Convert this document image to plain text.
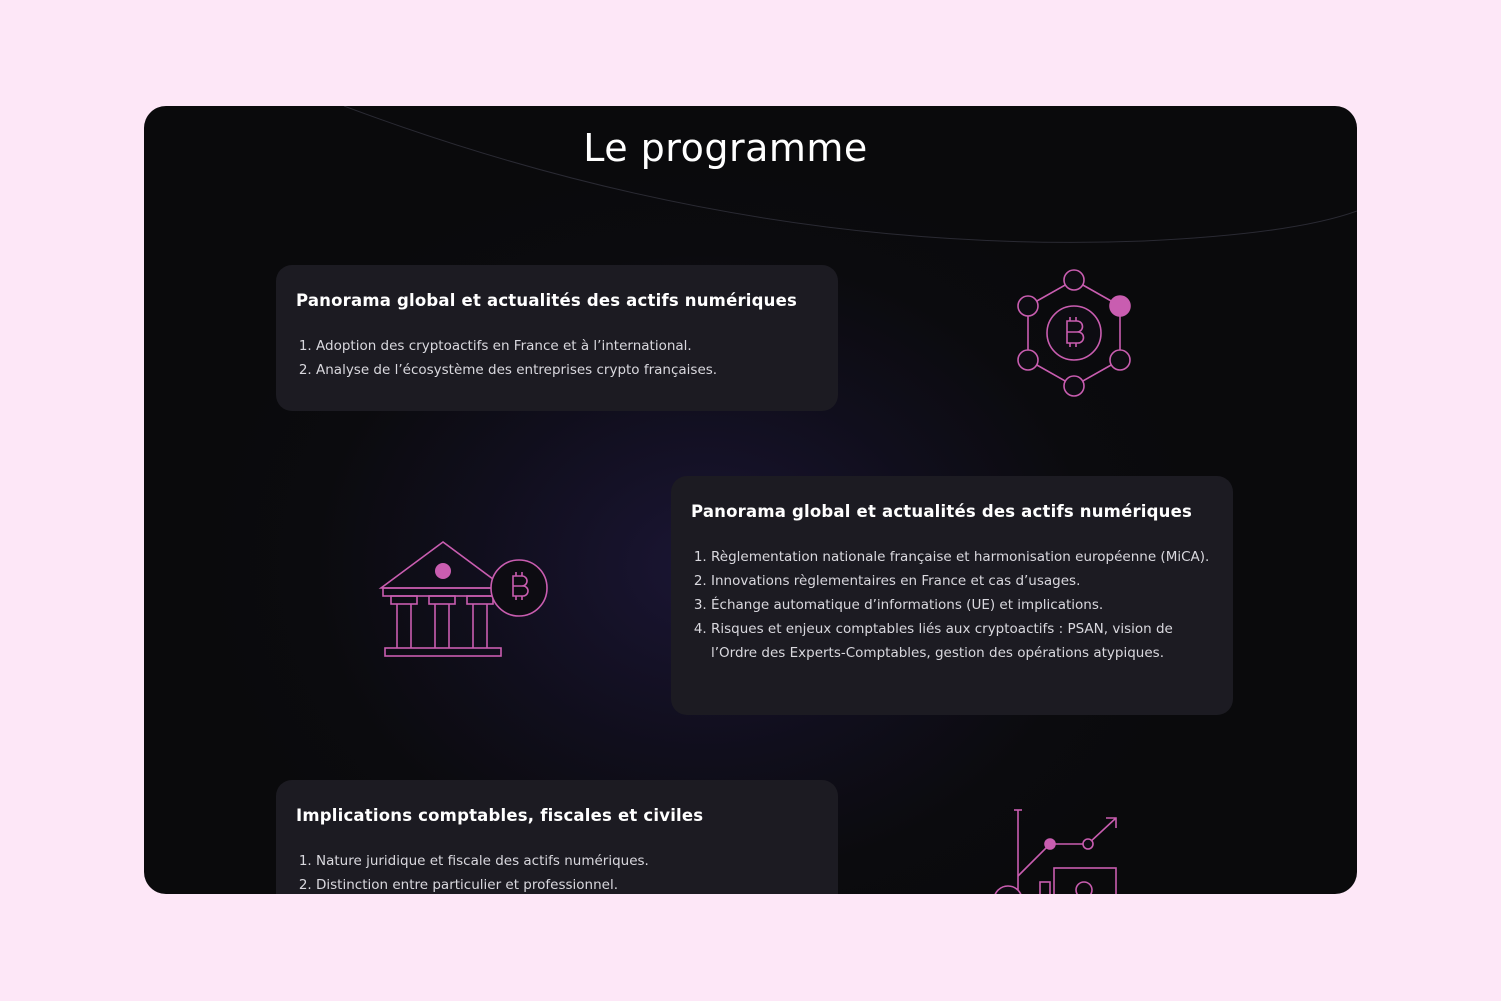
Le programme
Panorama global et actualités des actifs numériques
1. Adoption des cryptoactifs en France et à l’international.
2. Analyse de l’écosystème des entreprises crypto françaises.
Panorama global et actualités des actifs numériques
1. Règlementation nationale française et harmonisation européenne (MiCA).
2. Innovations règlementaires en France et cas d’usages.
3. Échange automatique d’informations (UE) et implications.
4. Risques et enjeux comptables liés aux cryptoactifs : PSAN, vision de l’Ordre des Experts-Comptables, gestion des opérations atypiques.
Implications comptables, fiscales et civiles
1. Nature juridique et fiscale des actifs numériques.
2. Distinction entre particulier et professionnel.
